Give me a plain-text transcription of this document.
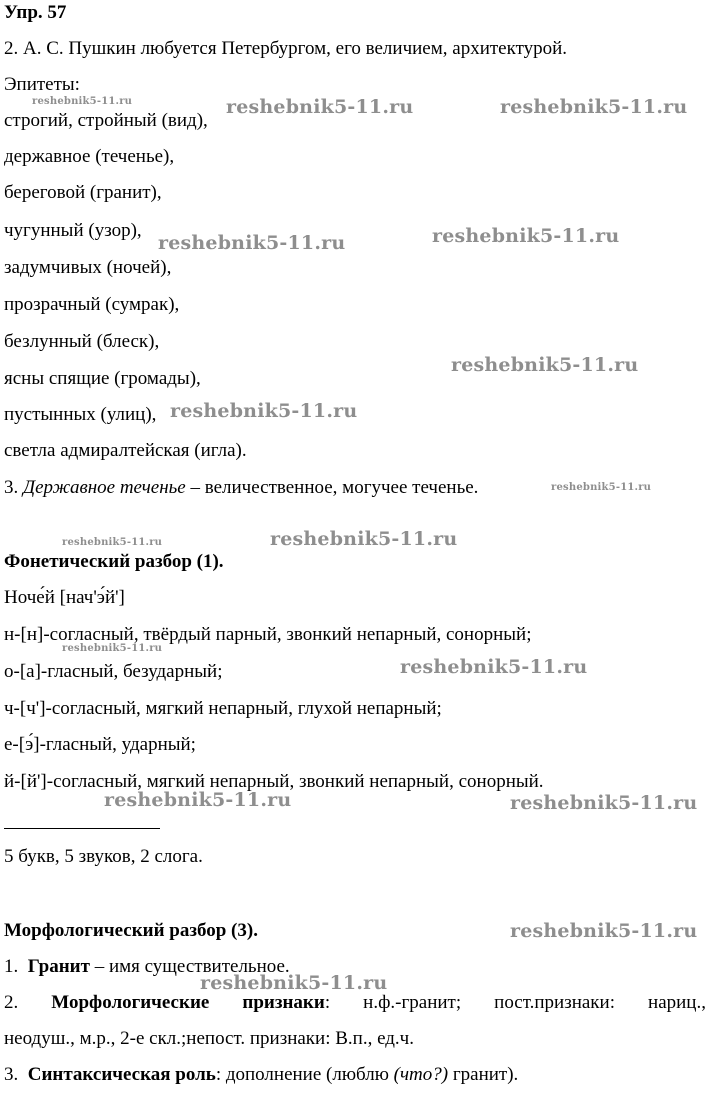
Упр. 57
2. А. С. Пушкин любуется Петербургом, его величием, архитектурой.
Эпитеты:
строгий, стройный (вид),
державное (теченье),
береговой (гранит),
чугунный (узор),
задумчивых (ночей),
прозрачный (сумрак),
безлунный (блеск),
ясны спящие (громады),
пустынных (улиц),
светла адмиралтейская (игла).
3. Державное теченье – величественное, могучее теченье.
Фонетический разбор (1).
Ноче́й [нач'э́й']
н-[н]-согласный, твёрдый парный, звонкий непарный, сонорный;
о-[а]-гласный, безударный;
ч-[ч']-согласный, мягкий непарный, глухой непарный;
е-[э́]-гласный, ударный;
й-[й']-согласный, мягкий непарный, звонкий непарный, сонорный.
5 букв, 5 звуков, 2 слога.
Морфологический разбор (3).
1. Гранит – имя существительное.
2. Морфологические признаки: н.ф.-гранит; пост.признаки: нариц.,
неодуш., м.р., 2-е скл.;непост. признаки: В.п., ед.ч.
3. Синтаксическая роль: дополнение (люблю (что?) гранит).
reshebnik5-11.ru	reshebnik5-11.ru	reshebnik5-11.ru
reshebnik5-11.ru	reshebnik5-11.ru
reshebnik5-11.ru
reshebnik5-11.ru
reshebnik5-11.ru
reshebnik5-11.ru	reshebnik5-11.ru
reshebnik5-11.ru
reshebnik5-11.ru
reshebnik5-11.ru	reshebnik5-11.ru
reshebnik5-11.ru
reshebnik5-11.ru
